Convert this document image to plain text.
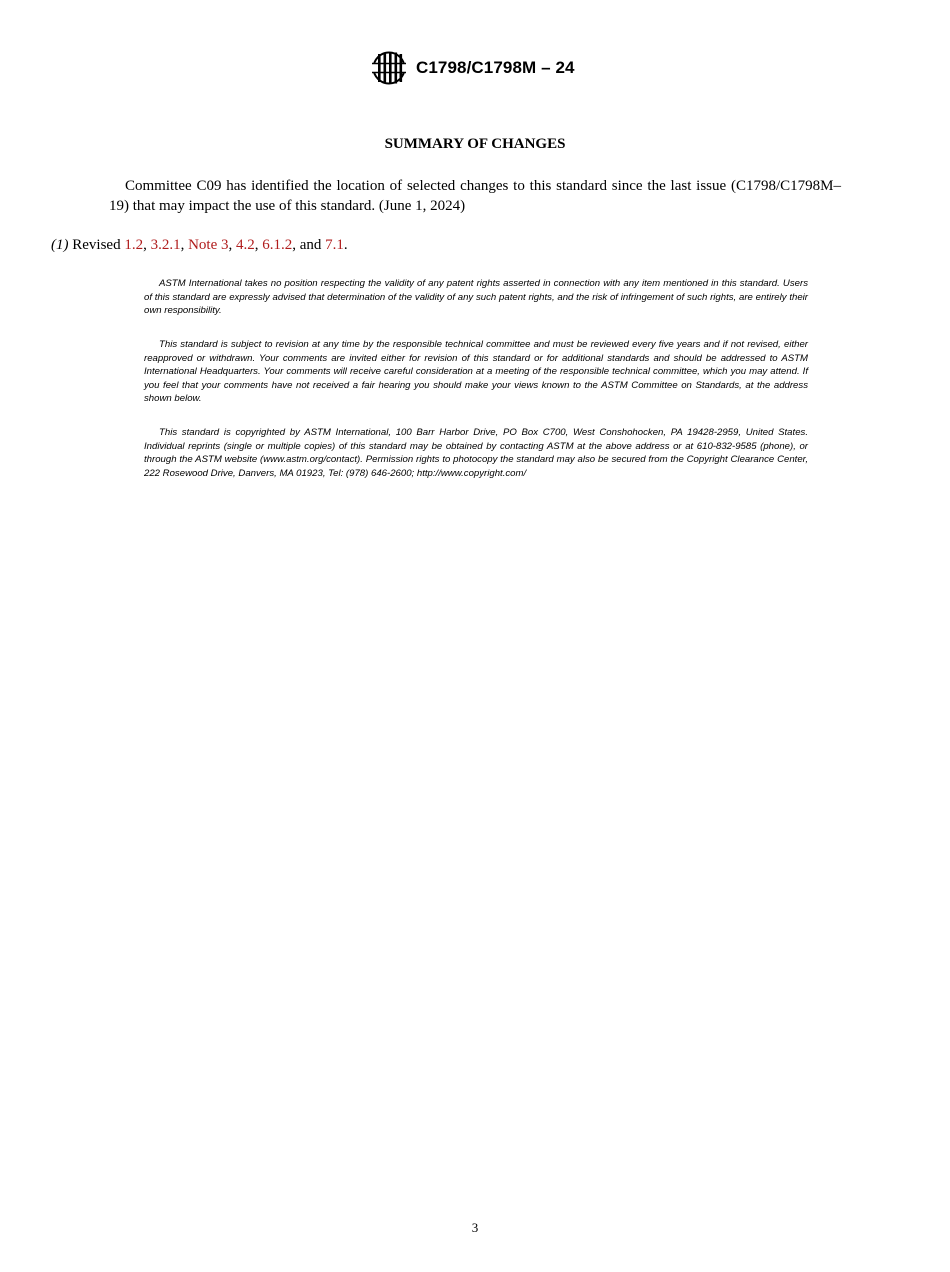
C1798/C1798M – 24
SUMMARY OF CHANGES

Committee C09 has identified the location of selected changes to this standard since the last issue (C1798/C1798M–19) that may impact the use of this standard. (June 1, 2024)

(1) Revised 1.2, 3.2.1, Note 3, 4.2, 6.1.2, and 7.1.

ASTM International takes no position respecting the validity of any patent rights asserted in connection with any item mentioned in this standard. Users of this standard are expressly advised that determination of the validity of any such patent rights, and the risk of infringement of such rights, are entirely their own responsibility.

This standard is subject to revision at any time by the responsible technical committee and must be reviewed every five years and if not revised, either reapproved or withdrawn. Your comments are invited either for revision of this standard or for additional standards and should be addressed to ASTM International Headquarters. Your comments will receive careful consideration at a meeting of the responsible technical committee, which you may attend. If you feel that your comments have not received a fair hearing you should make your views known to the ASTM Committee on Standards, at the address shown below.

This standard is copyrighted by ASTM International, 100 Barr Harbor Drive, PO Box C700, West Conshohocken, PA 19428-2959, United States. Individual reprints (single or multiple copies) of this standard may be obtained by contacting ASTM at the above address or at 610-832-9585 (phone), or through the ASTM website (www.astm.org/contact). Permission rights to photocopy the standard may also be secured from the Copyright Clearance Center, 222 Rosewood Drive, Danvers, MA 01923, Tel: (978) 646-2600; http://www.copyright.com/

3
